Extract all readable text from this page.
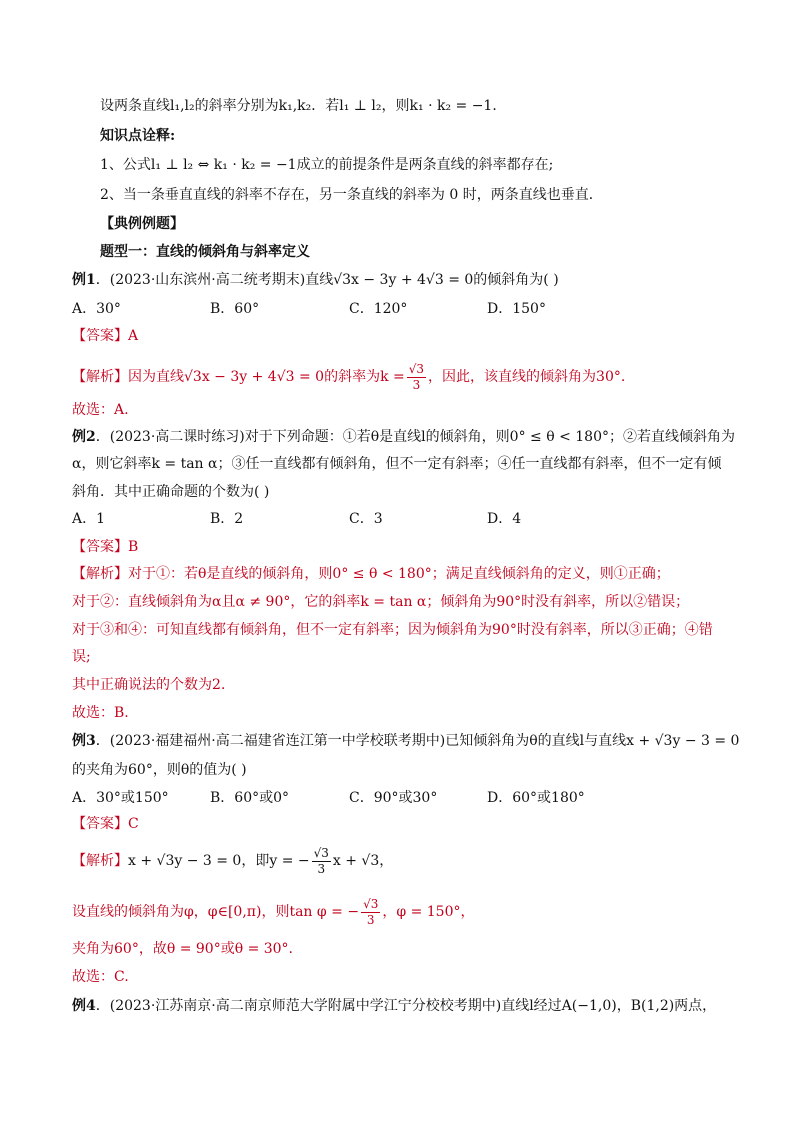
设两条直线l₁,l₂的斜率分别为k₁,k₂．若l₁ ⊥ l₂，则k₁ · k₂ = −1．
知识点诠释:
1、公式l₁ ⊥ l₂ ⇔ k₁ · k₂ = −1成立的前提条件是两条直线的斜率都存在;
2、当一条垂直直线的斜率不存在，另一条直线的斜率为 0 时，两条直线也垂直．
【典例例题】
题型一：直线的倾斜角与斜率定义
例1．(2023·山东滨州·高二统考期末)直线√3x − 3y + 4√3 = 0的倾斜角为( )
A．30°	B．60°	C．120°	D．150°
【答案】A
【解析】因为直线√3x − 3y + 4√3 = 0的斜率为$k = \frac{√3}{3}$ ，因此，该直线的倾斜角为30°.
故选：A.
例2．(2023·高二课时练习)对于下列命题：①若θ是直线l的倾斜角，则0° ≤ θ < 180°；②若直线倾斜角为
α，则它斜率k = tan α；③任一直线都有倾斜角，但不一定有斜率；④任一直线都有斜率，但不一定有倾
斜角．其中正确命题的个数为( )
A．1	B．2	C．3	D．4
【答案】B
【解析】对于①：若θ是直线的倾斜角，则0° ≤ θ < 180°；满足直线倾斜角的定义，则①正确；
对于②：直线倾斜角为α且α ≠ 90°，它的斜率k = tan α；倾斜角为90°时没有斜率，所以②错误；
对于③和④：可知直线都有倾斜角，但不一定有斜率；因为倾斜角为90°时没有斜率，所以③正确；④错
误;
其中正确说法的个数为2.
故选：B.
例3．(2023·福建福州·高二福建省连江第一中学校联考期中)已知倾斜角为θ的直线l与直线x + √3y − 3 = 0
的夹角为60°，则θ的值为( )
A．30°或150°	B．60°或0°	C．90°或30°	D．60°或180°
【答案】C
【解析】x + √3y − 3 = 0，即y = − $\frac{√3}{3}$ x + √3，
设直线的倾斜角为φ，φ∈[0,π)，则tan φ = − $\frac{√3}{3}$ ，φ = 150°，
夹角为60°，故θ = 90°或θ = 30°.
故选：C.
例4．(2023·江苏南京·高二南京师范大学附属中学江宁分校校考期中)直线l经过A(−1,0)，B(1,2)两点，
